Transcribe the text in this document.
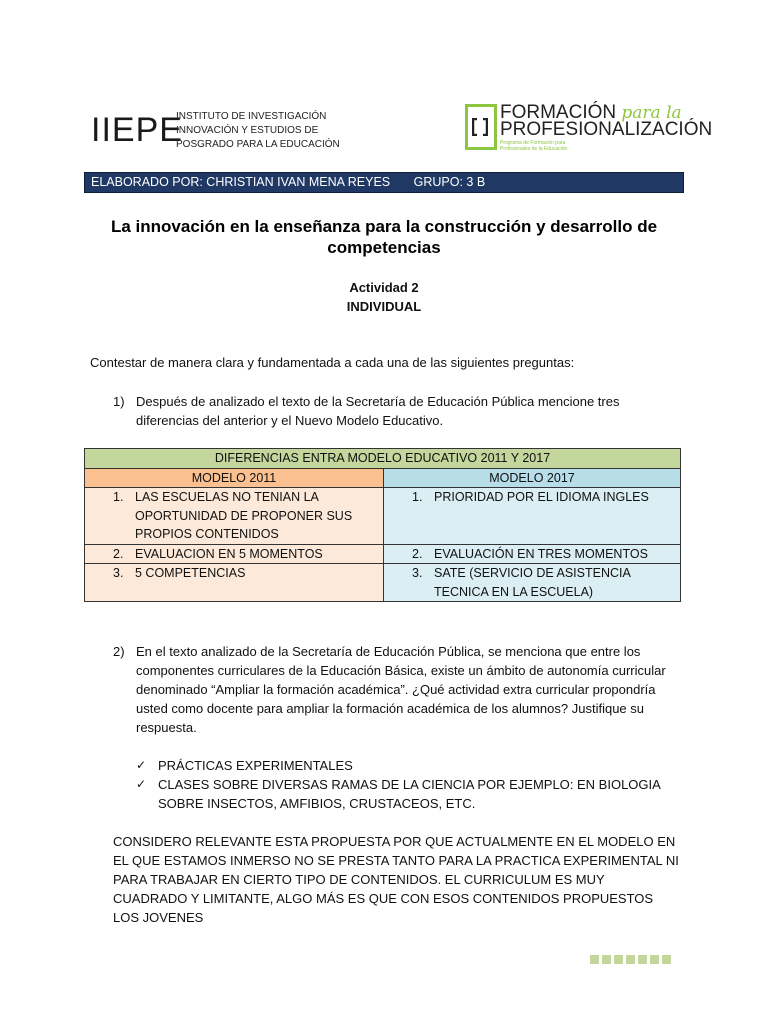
IIEPE
INSTITUTO DE INVESTIGACIÓN
INNOVACIÓN Y ESTUDIOS DE
POSGRADO PARA LA EDUCACIÓN
FORMACIÓN para la
PROFESIONALIZACIÓN
Programa de Formación para
Profesionales de la Educación
ELABORADO POR: CHRISTIAN IVAN MENA REYES GRUPO: 3 B
La innovación en la enseñanza para la construcción y desarrollo de competencias
Actividad 2
INDIVIDUAL
Contestar de manera clara y fundamentada a cada una de las siguientes preguntas:
1) Después de analizado el texto de la Secretaría de Educación Pública mencione tres diferencias del anterior y el Nuevo Modelo Educativo.
DIFERENCIAS ENTRA MODELO EDUCATIVO 2011 Y 2017	
MODELO 2011	MODELO 2017

1. LAS ESCUELAS NO TENIAN LA OPORTUNIDAD DE PROPONER SUS PROPIOS CONTENIDOS	1. PRIORIDAD POR EL IDIOMA INGLES

2. EVALUACION EN 5 MOMENTOS	2. EVALUACIÓN EN TRES MOMENTOS

3. 5 COMPETENCIAS	3. SATE (SERVICIO DE ASISTENCIA TECNICA EN LA ESCUELA)
2) En el texto analizado de la Secretaría de Educación Pública, se menciona que entre los componentes curriculares de la Educación Básica, existe un ámbito de autonomía curricular denominado “Ampliar la formación académica”. ¿Qué actividad extra curricular propondría usted como docente para ampliar la formación académica de los alumnos? Justifique su respuesta.
✓ PRÁCTICAS EXPERIMENTALES
✓ CLASES SOBRE DIVERSAS RAMAS DE LA CIENCIA POR EJEMPLO: EN BIOLOGIA SOBRE INSECTOS, AMFIBIOS, CRUSTACEOS, ETC.
CONSIDERO RELEVANTE ESTA PROPUESTA POR QUE ACTUALMENTE EN EL MODELO EN EL QUE ESTAMOS INMERSO NO SE PRESTA TANTO PARA LA PRACTICA EXPERIMENTAL NI PARA TRABAJAR EN CIERTO TIPO DE CONTENIDOS. EL CURRICULUM ES MUY CUADRADO Y LIMITANTE, ALGO MÁS ES QUE CON ESOS CONTENIDOS PROPUESTOS LOS JOVENES
